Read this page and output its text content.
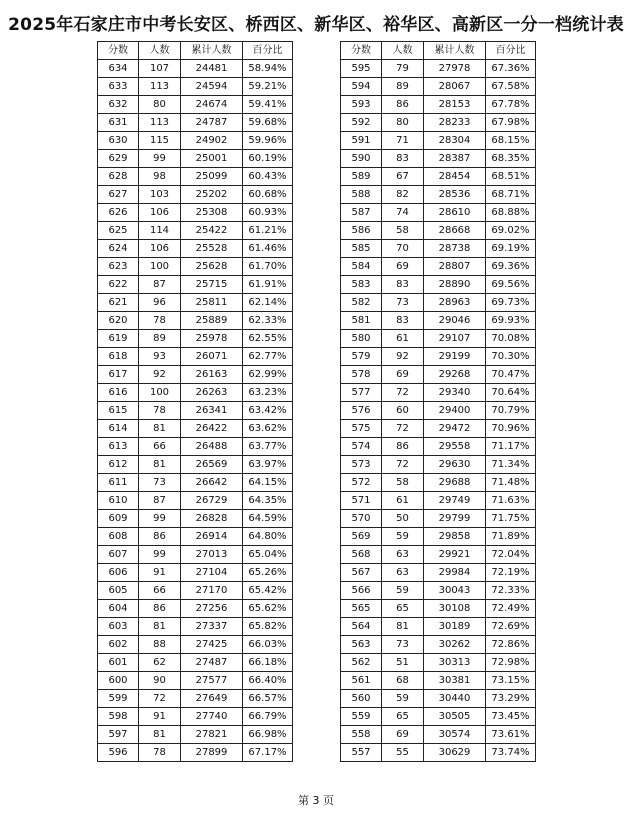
2025年石家庄市中考长安区、桥西区、新华区、裕华区、高新区一分一档统计表
分数	人数	累计人数	百分比
634	107	24481	58.94%
633	113	24594	59.21%
632	80	24674	59.41%
631	113	24787	59.68%
630	115	24902	59.96%
629	99	25001	60.19%
628	98	25099	60.43%
627	103	25202	60.68%
626	106	25308	60.93%
625	114	25422	61.21%
624	106	25528	61.46%
623	100	25628	61.70%
622	87	25715	61.91%
621	96	25811	62.14%
620	78	25889	62.33%
619	89	25978	62.55%
618	93	26071	62.77%
617	92	26163	62.99%
616	100	26263	63.23%
615	78	26341	63.42%
614	81	26422	63.62%
613	66	26488	63.77%
612	81	26569	63.97%
611	73	26642	64.15%
610	87	26729	64.35%
609	99	26828	64.59%
608	86	26914	64.80%
607	99	27013	65.04%
606	91	27104	65.26%
605	66	27170	65.42%
604	86	27256	65.62%
603	81	27337	65.82%
602	88	27425	66.03%
601	62	27487	66.18%
600	90	27577	66.40%
599	72	27649	66.57%
598	91	27740	66.79%
597	81	27821	66.98%
596	78	27899	67.17%
分数	人数	累计人数	百分比
595	79	27978	67.36%
594	89	28067	67.58%
593	86	28153	67.78%
592	80	28233	67.98%
591	71	28304	68.15%
590	83	28387	68.35%
589	67	28454	68.51%
588	82	28536	68.71%
587	74	28610	68.88%
586	58	28668	69.02%
585	70	28738	69.19%
584	69	28807	69.36%
583	83	28890	69.56%
582	73	28963	69.73%
581	83	29046	69.93%
580	61	29107	70.08%
579	92	29199	70.30%
578	69	29268	70.47%
577	72	29340	70.64%
576	60	29400	70.79%
575	72	29472	70.96%
574	86	29558	71.17%
573	72	29630	71.34%
572	58	29688	71.48%
571	61	29749	71.63%
570	50	29799	71.75%
569	59	29858	71.89%
568	63	29921	72.04%
567	63	29984	72.19%
566	59	30043	72.33%
565	65	30108	72.49%
564	81	30189	72.69%
563	73	30262	72.86%
562	51	30313	72.98%
561	68	30381	73.15%
560	59	30440	73.29%
559	65	30505	73.45%
558	69	30574	73.61%
557	55	30629	73.74%
第 3 页
